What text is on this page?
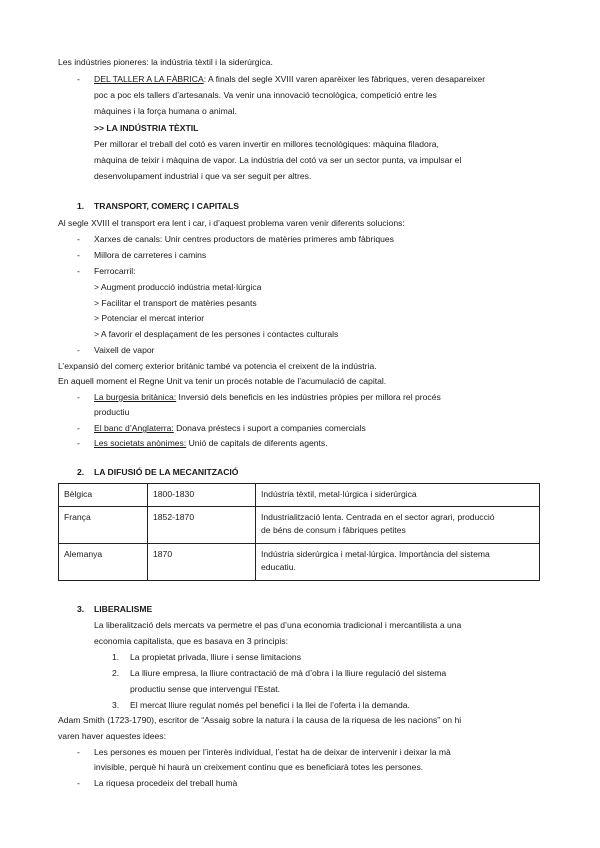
Les indústries pioneres: la indústria tèxtil i la siderúrgica.
- DEL TALLER A LA FÀBRICA: A finals del segle XVIII varen aparèixer les fàbriques, veren desapareixer
poc a poc els tallers d’artesanals. Va venir una innovació tecnològica, competició entre les
màquines i la força humana o animal.
>> LA INDÚSTRIA TÈXTIL
Per millorar el treball del cotó es varen invertir en millores tecnològiques: màquina filadora,
màquina de teixir i màquina de vapor. La indústria del cotó va ser un sector punta, va impulsar el
desenvolupament industrial i que va ser seguit per altres.
1. TRANSPORT, COMERÇ I CAPITALS
Al segle XVIII el transport era lent i car, i d’aquest problema varen venir diferents solucions:
- Xarxes de canals: Unir centres productors de matèries primeres amb fàbriques
- Millora de carreteres i camins
- Ferrocarril:
> Augment producció indústria metal·lúrgica
> Facilitar el transport de matèries pesants
> Potenciar el mercat interior
> A favorir el desplaçament de les persones i contactes culturals
- Vaixell de vapor
L’expansió del comerç exterior britànic també va potencia el creixent de la indústria.
En aquell moment el Regne Unit va tenir un procés notable de l’acumulació de capital.
- La burgesia britànica: Inversió dels beneficis en les indústries pròpies per millora rel procés
productiu
- El banc d’Anglaterra: Donava préstecs i suport a companies comercials
- Les societats anònimes: Unió de capitals de diferents agents.
2. LA DIFUSIÓ DE LA MECANITZACIÓ
Bèlgica	1800-1830	Indústria tèxtil, metal·lúrgica i siderúrgica
França	1852-1870	Industrialització lenta. Centrada en el sector agrari, producció
de béns de consum i fàbriques petites
Alemanya	1870	Indústria siderúrgica i metal·lúrgica. Importància del sistema
educatiu.
3. LIBERALISME
La liberalització dels mercats va permetre el pas d’una economia tradicional i mercantilista a una
economia capitalista, que es basava en 3 principis:
1. La propietat privada, lliure i sense limitacions
2. La lliure empresa, la lliure contractació de mà d’obra i la lliure regulació del sistema
productiu sense que intervengui l’Estat.
3. El mercat lliure regulat només pel benefici i la llei de l’oferta i la demanda.
Adam Smith (1723-1790), escritor de “Assaig sobre la natura i la causa de la riquesa de les nacions” on hi
varen haver aquestes idees:
- Les persones es mouen per l’interès individual, l’estat ha de deixar de intervenir i deixar la mà
invisible, perquè hi haurà un creixement continu que es beneficiarà totes les persones.
- La riquesa procedeix del treball humà
